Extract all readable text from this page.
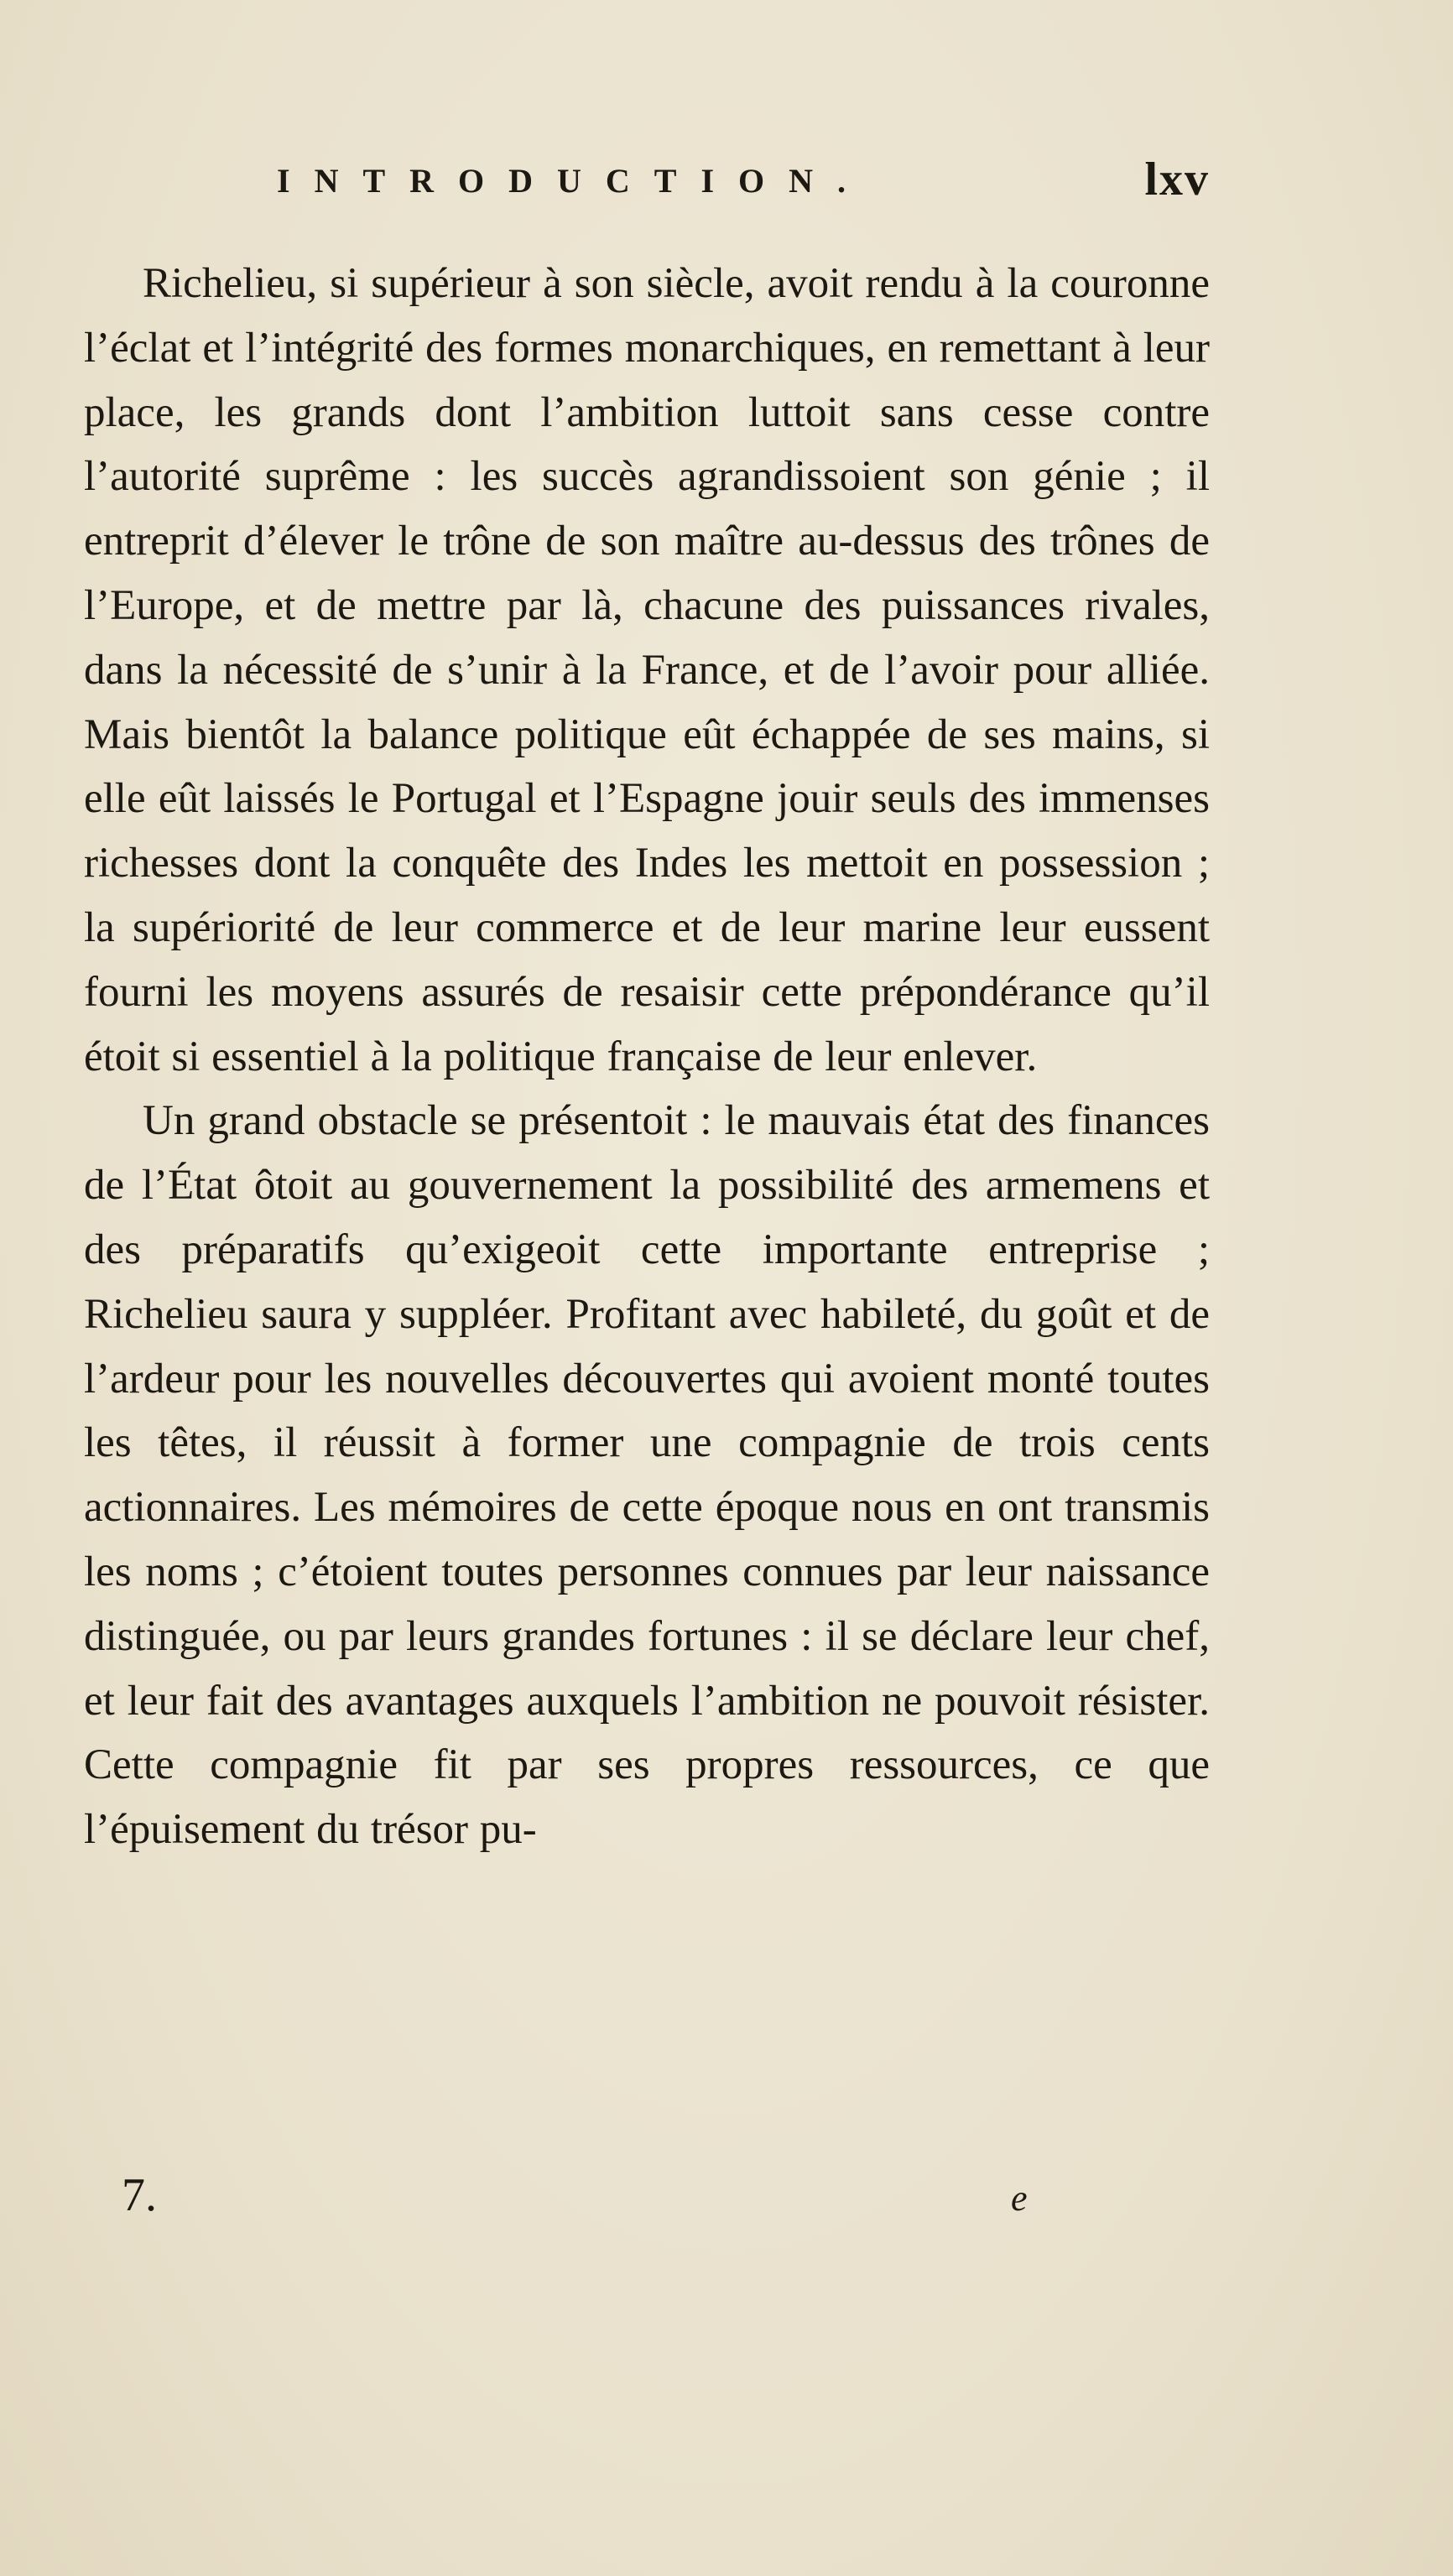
INTRODUCTION.	lxv

Richelieu, si supérieur à son siècle, avoit rendu à la couronne l’éclat et l’intégrité des formes monarchiques, en remettant à leur place, les grands dont l’ambition luttoit sans cesse contre l’autorité suprême : les succès agrandissoient son génie ; il entreprit d’élever le trône de son maître au-dessus des trônes de l’Europe, et de mettre par là, chacune des puissances rivales, dans la nécessité de s’unir à la France, et de l’avoir pour alliée. Mais bientôt la balance politique eût échappée de ses mains, si elle eût laissés le Portugal et l’Espagne jouir seuls des immenses richesses dont la conquête des Indes les mettoit en possession ; la supériorité de leur commerce et de leur marine leur eussent fourni les moyens assurés de resaisir cette prépondérance qu’il étoit si essentiel à la politique française de leur enlever.

Un grand obstacle se présentoit : le mauvais état des finances de l’État ôtoit au gouvernement la possibilité des armemens et des préparatifs qu’exigeoit cette importante entreprise ; Richelieu saura y suppléer. Profitant avec habileté, du goût et de l’ardeur pour les nouvelles découvertes qui avoient monté toutes les têtes, il réussit à former une compagnie de trois cents actionnaires. Les mémoires de cette époque nous en ont transmis les noms ; c’étoient toutes personnes connues par leur naissance distinguée, ou par leurs grandes fortunes : il se déclare leur chef, et leur fait des avantages auxquels l’ambition ne pouvoit résister. Cette compagnie fit par ses propres ressources, ce que l’épuisement du trésor pu-

7.	e
